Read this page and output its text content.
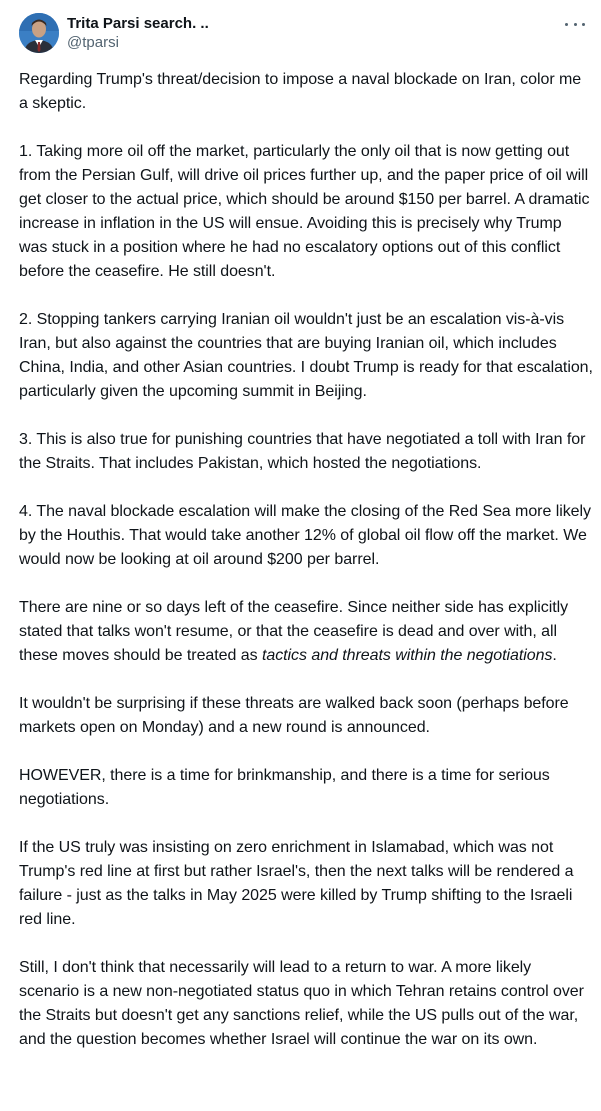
Trita Parsi search. ..
@tparsi

Regarding Trump's threat/decision to impose a naval blockade on Iran, color me a skeptic.

1. Taking more oil off the market, particularly the only oil that is now getting out from the Persian Gulf, will drive oil prices further up, and the paper price of oil will get closer to the actual price, which should be around $150 per barrel. A dramatic increase in inflation in the US will ensue. Avoiding this is precisely why Trump was stuck in a position where he had no escalatory options out of this conflict before the ceasefire. He still doesn't.

2. Stopping tankers carrying Iranian oil wouldn't just be an escalation vis-à-vis Iran, but also against the countries that are buying Iranian oil, which includes China, India, and other Asian countries. I doubt Trump is ready for that escalation, particularly given the upcoming summit in Beijing.

3. This is also true for punishing countries that have negotiated a toll with Iran for the Straits. That includes Pakistan, which hosted the negotiations.

4. The naval blockade escalation will make the closing of the Red Sea more likely by the Houthis. That would take another 12% of global oil flow off the market. We would now be looking at oil around $200 per barrel.

There are nine or so days left of the ceasefire. Since neither side has explicitly stated that talks won't resume, or that the ceasefire is dead and over with, all these moves should be treated as tactics and threats within the negotiations.

It wouldn't be surprising if these threats are walked back soon (perhaps before markets open on Monday) and a new round is announced.

HOWEVER, there is a time for brinkmanship, and there is a time for serious negotiations.

If the US truly was insisting on zero enrichment in Islamabad, which was not Trump's red line at first but rather Israel's, then the next talks will be rendered a failure - just as the talks in May 2025 were killed by Trump shifting to the Israeli red line.

Still, I don't think that necessarily will lead to a return to war. A more likely scenario is a new non-negotiated status quo in which Tehran retains control over the Straits but doesn't get any sanctions relief, while the US pulls out of the war, and the question becomes whether Israel will continue the war on its own.
